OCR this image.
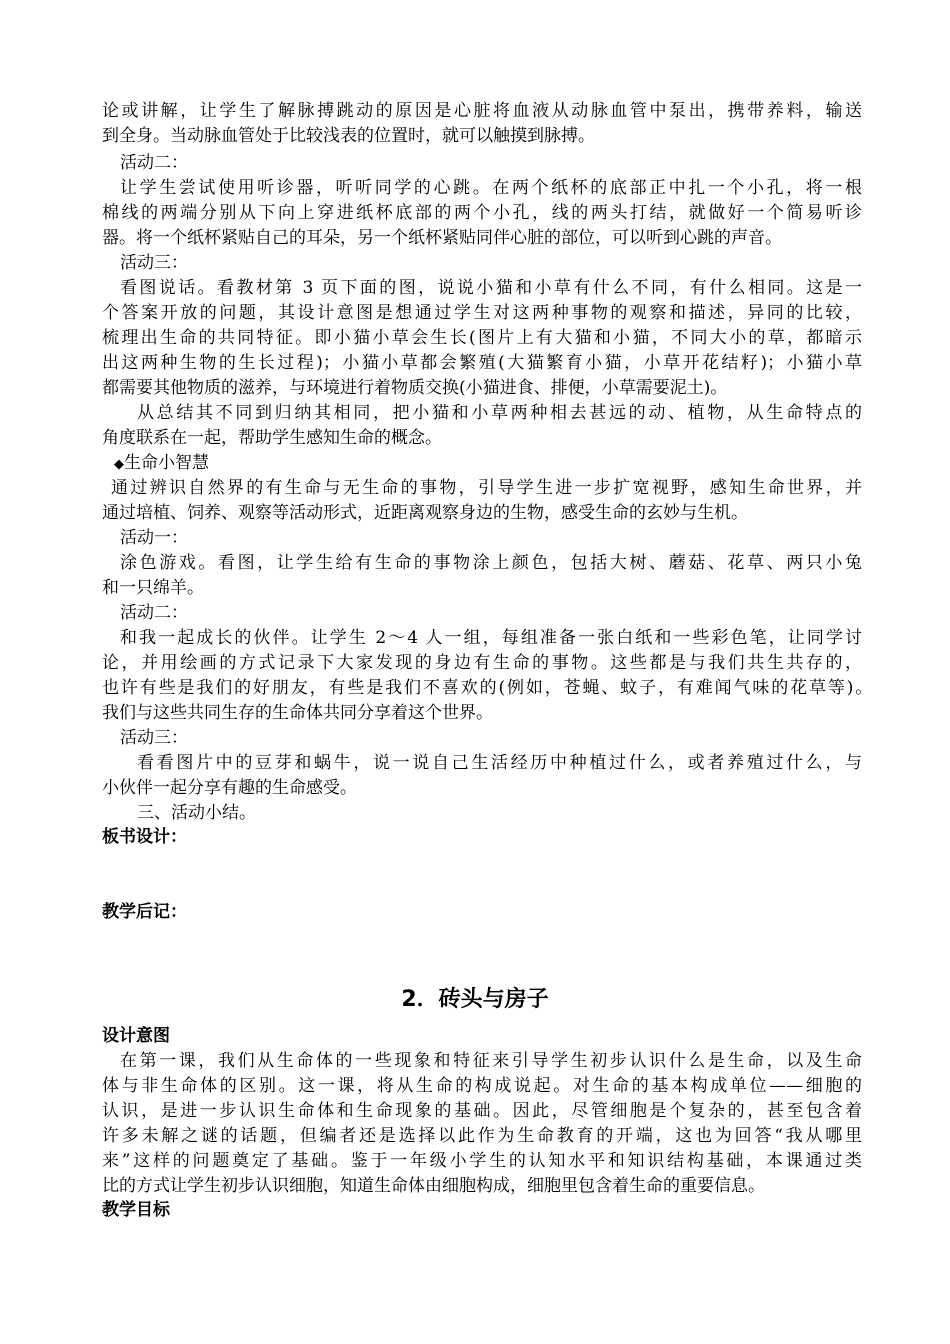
论或讲解，让学生了解脉搏跳动的原因是心脏将血液从动脉血管中泵出，携带养料，输送
到全身。当动脉血管处于比较浅表的位置时，就可以触摸到脉搏。
活动二：
让学生尝试使用听诊器，听听同学的心跳。在两个纸杯的底部正中扎一个小孔，将一根
棉线的两端分别从下向上穿进纸杯底部的两个小孔，线的两头打结，就做好一个简易听诊
器。将一个纸杯紧贴自己的耳朵，另一个纸杯紧贴同伴心脏的部位，可以听到心跳的声音。
活动三：
看图说话。看教材第 3 页下面的图，说说小猫和小草有什么不同，有什么相同。这是一
个答案开放的问题，其设计意图是想通过学生对这两种事物的观察和描述，异同的比较，
梳理出生命的共同特征。即小猫小草会生长(图片上有大猫和小猫，不同大小的草，都暗示
出这两种生物的生长过程)；小猫小草都会繁殖(大猫繁育小猫，小草开花结籽)；小猫小草
都需要其他物质的滋养，与环境进行着物质交换(小猫进食、排便，小草需要泥土)。
从总结其不同到归纳其相同，把小猫和小草两种相去甚远的动、植物，从生命特点的
角度联系在一起，帮助学生感知生命的概念。
◆生命小智慧
通过辨识自然界的有生命与无生命的事物，引导学生进一步扩宽视野，感知生命世界，并
通过培植、饲养、观察等活动形式，近距离观察身边的生物，感受生命的玄妙与生机。
活动一：
涂色游戏。看图，让学生给有生命的事物涂上颜色，包括大树、蘑菇、花草、两只小兔
和一只绵羊。
活动二：
和我一起成长的伙伴。让学生 2～4 人一组，每组准备一张白纸和一些彩色笔，让同学讨
论，并用绘画的方式记录下大家发现的身边有生命的事物。这些都是与我们共生共存的，
也许有些是我们的好朋友，有些是我们不喜欢的(例如，苍蝇、蚊子，有难闻气味的花草等)。
我们与这些共同生存的生命体共同分享着这个世界。
活动三：
看看图片中的豆芽和蜗牛，说一说自己生活经历中种植过什么，或者养殖过什么，与
小伙伴一起分享有趣的生命感受。
三、活动小结。
板书设计：
教学后记：
2．砖头与房子
设计意图
在第一课，我们从生命体的一些现象和特征来引导学生初步认识什么是生命，以及生命
体与非生命体的区别。这一课，将从生命的构成说起。对生命的基本构成单位——细胞的
认识，是进一步认识生命体和生命现象的基础。因此，尽管细胞是个复杂的，甚至包含着
许多未解之谜的话题，但编者还是选择以此作为生命教育的开端，这也为回答“我从哪里
来”这样的问题奠定了基础。鉴于一年级小学生的认知水平和知识结构基础，本课通过类
比的方式让学生初步认识细胞，知道生命体由细胞构成，细胞里包含着生命的重要信息。
教学目标
